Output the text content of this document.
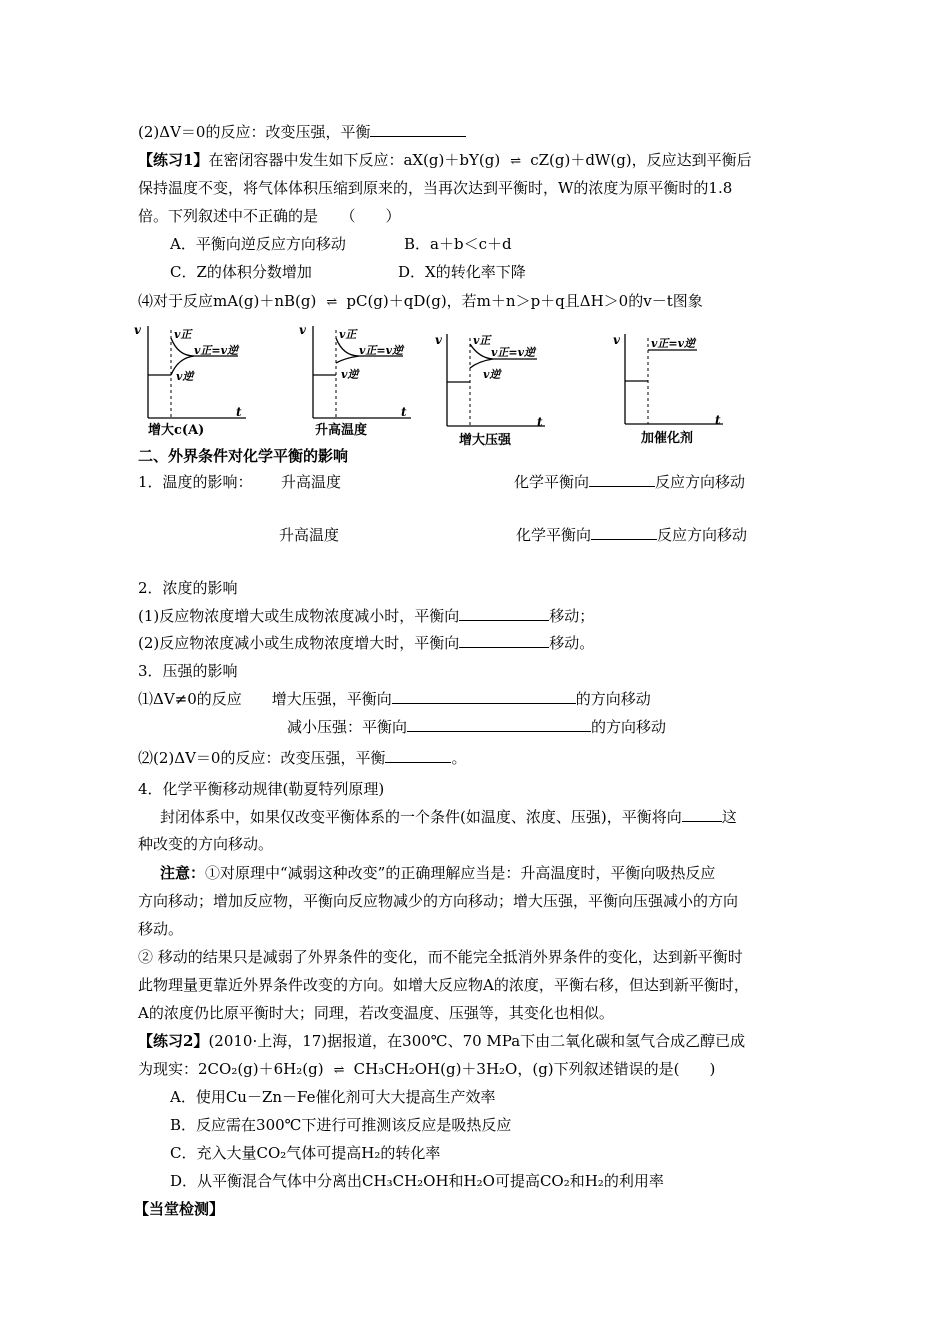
(2)ΔV＝0的反应：改变压强，平衡
【练习1】在密闭容器中发生如下反应：aX(g)＋bY(g) ⇌ cZ(g)＋dW(g)，反应达到平衡后
保持温度不变，将气体体积压缩到原来的，当再次达到平衡时，W的浓度为原平衡时的1.8
倍。下列叙述中不正确的是　　（　　）
A．平衡向逆反应方向移动	B．a＋b＜c＋d
C．Z的体积分数增加	D．X的转化率下降
⑷对于反应mA(g)＋nB(g) ⇌ pC(g)＋qD(g)，若m＋n＞p＋q且ΔH＞0的v－t图象
v
t
v正
v正=v逆
v逆
增大c(A)
v
t
v正
v正=v逆
v逆
升高温度
v
t
v正
v正=v逆
v逆
增大压强
v
t
v正=v逆
加催化剂
二、外界条件对化学平衡的影响
1．温度的影响： 升高温度	化学平衡向	反应方向移动
升高温度	化学平衡向	反应方向移动
2．浓度的影响
(1)反应物浓度增大或生成物浓度减小时，平衡向	移动；
(2)反应物浓度减小或生成物浓度增大时，平衡向	移动。
3．压强的影响
⑴ΔV≠0的反应　　增大压强，平衡向	的方向移动
减小压强：平衡向	的方向移动
⑵(2)ΔV＝0的反应：改变压强，平衡	。
4．化学平衡移动规律(勒夏特列原理)
封闭体系中，如果仅改变平衡体系的一个条件(如温度、浓度、压强)，平衡将向	这
种改变的方向移动。
注意：①对原理中“减弱这种改变”的正确理解应当是：升高温度时，平衡向吸热反应
方向移动；增加反应物，平衡向反应物减少的方向移动；增大压强，平衡向压强减小的方向
移动。
② 移动的结果只是减弱了外界条件的变化，而不能完全抵消外界条件的变化，达到新平衡时
此物理量更靠近外界条件改变的方向。如增大反应物A的浓度，平衡右移，但达到新平衡时，
A的浓度仍比原平衡时大；同理，若改变温度、压强等，其变化也相似。
【练习2】(2010·上海，17)据报道，在300℃、70 MPa下由二氧化碳和氢气合成乙醇已成
为现实：2CO₂(g)＋6H₂(g) ⇌ CH₃CH₂OH(g)＋3H₂O，(g)下列叙述错误的是(　　)
A．使用Cu－Zn－Fe催化剂可大大提高生产效率
B．反应需在300℃下进行可推测该反应是吸热反应
C．充入大量CO₂气体可提高H₂的转化率
D．从平衡混合气体中分离出CH₃CH₂OH和H₂O可提高CO₂和H₂的利用率
【当堂检测】
